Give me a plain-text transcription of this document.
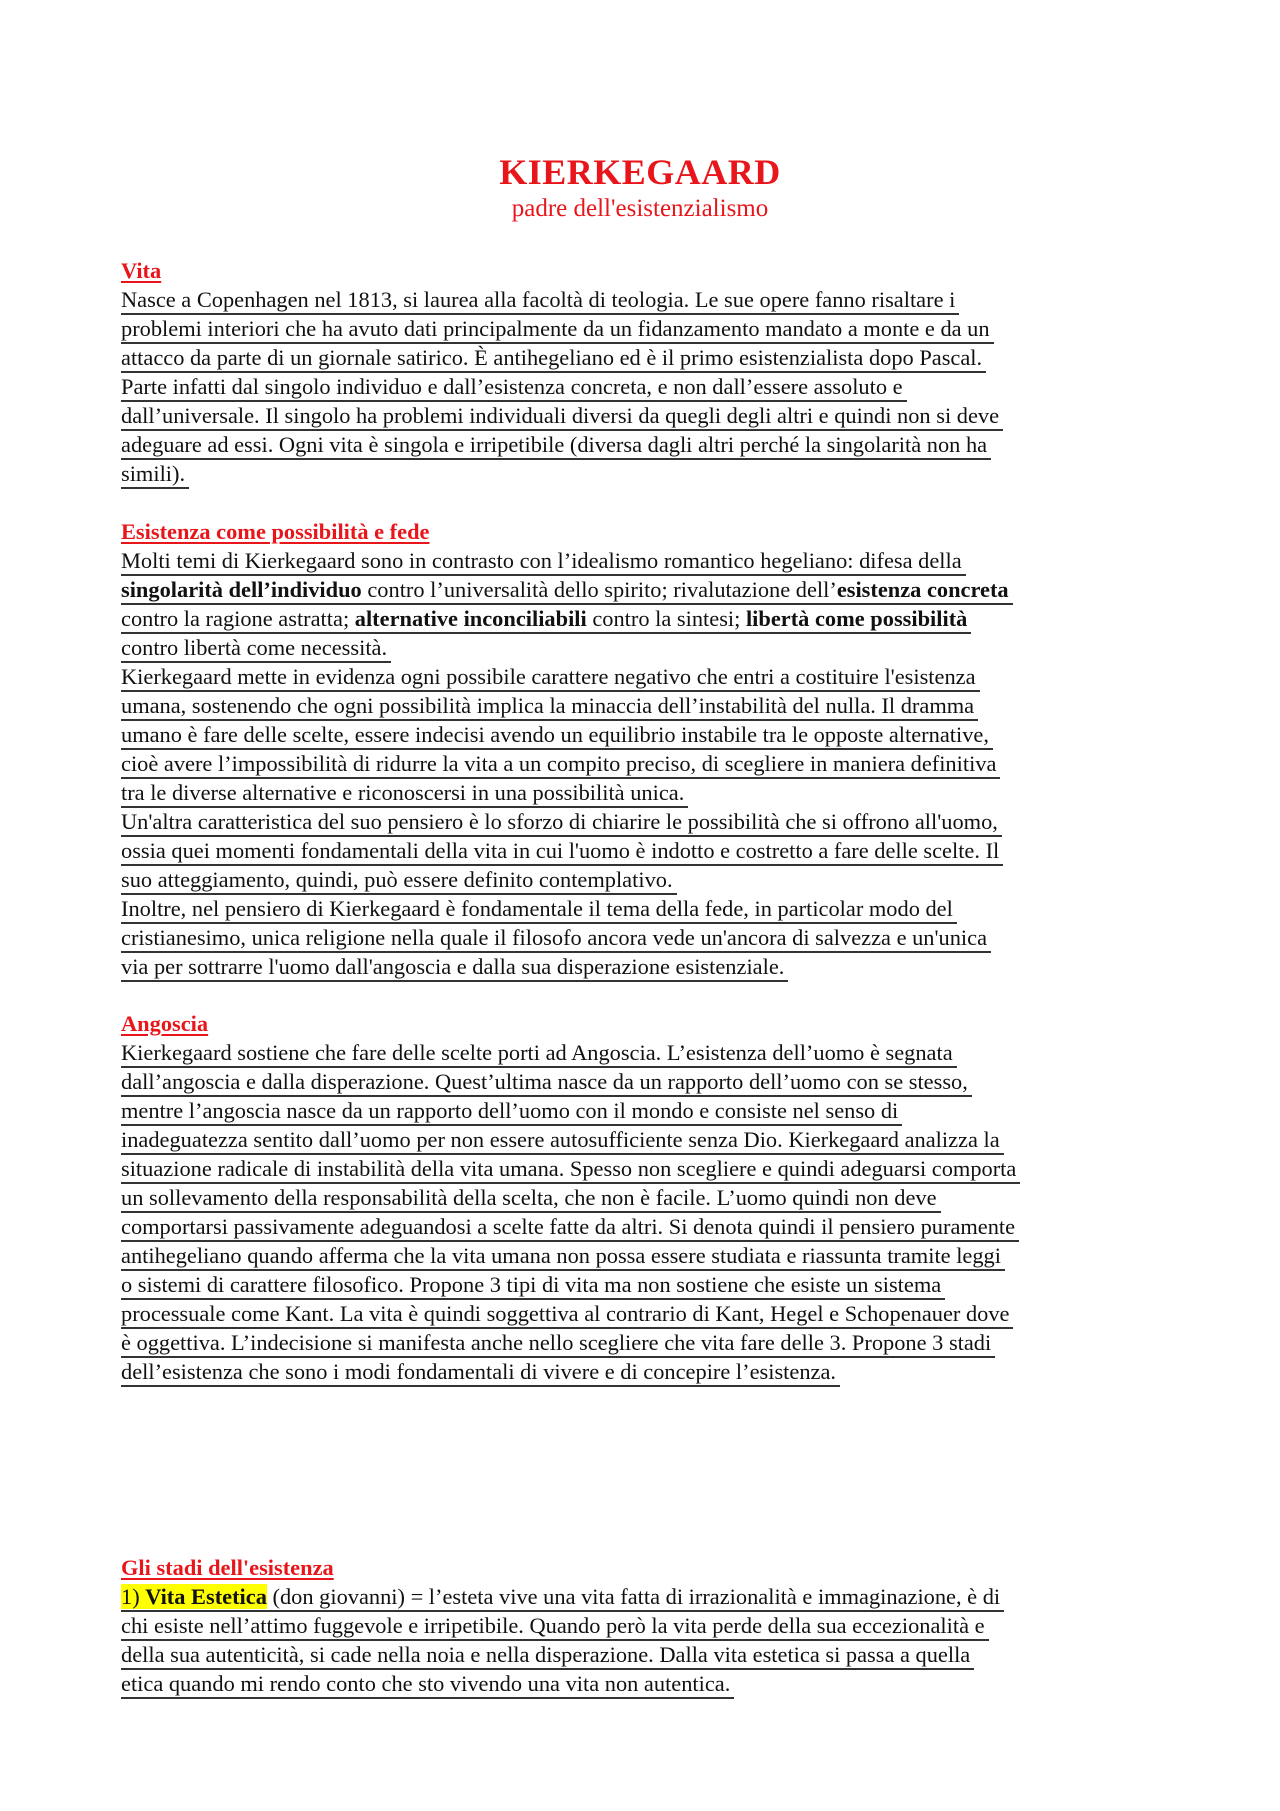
KIERKEGAARD
padre dell'esistenzialismo
Vita
Nasce a Copenhagen nel 1813, si laurea alla facoltà di teologia. Le sue opere fanno risaltare i
problemi interiori che ha avuto dati principalmente da un fidanzamento mandato a monte e da un
attacco da parte di un giornale satirico. È antihegeliano ed è il primo esistenzialista dopo Pascal.
Parte infatti dal singolo individuo e dall’esistenza concreta, e non dall’essere assoluto e
dall’universale. Il singolo ha problemi individuali diversi da quegli degli altri e quindi non si deve
adeguare ad essi. Ogni vita è singola e irripetibile (diversa dagli altri perché la singolarità non ha
simili).
Esistenza come possibilità e fede
Molti temi di Kierkegaard sono in contrasto con l’idealismo romantico hegeliano: difesa della
singolarità dell’individuo contro l’universalità dello spirito; rivalutazione dell’esistenza concreta
contro la ragione astratta; alternative inconciliabili contro la sintesi; libertà come possibilità
contro libertà come necessità.
Kierkegaard mette in evidenza ogni possibile carattere negativo che entri a costituire l'esistenza
umana, sostenendo che ogni possibilità implica la minaccia dell’instabilità del nulla. Il dramma
umano è fare delle scelte, essere indecisi avendo un equilibrio instabile tra le opposte alternative,
cioè avere l’impossibilità di ridurre la vita a un compito preciso, di scegliere in maniera definitiva
tra le diverse alternative e riconoscersi in una possibilità unica.
Un'altra caratteristica del suo pensiero è lo sforzo di chiarire le possibilità che si offrono all'uomo,
ossia quei momenti fondamentali della vita in cui l'uomo è indotto e costretto a fare delle scelte. Il
suo atteggiamento, quindi, può essere definito contemplativo.
Inoltre, nel pensiero di Kierkegaard è fondamentale il tema della fede, in particolar modo del
cristianesimo, unica religione nella quale il filosofo ancora vede un'ancora di salvezza e un'unica
via per sottrarre l'uomo dall'angoscia e dalla sua disperazione esistenziale.
Angoscia
Kierkegaard sostiene che fare delle scelte porti ad Angoscia. L’esistenza dell’uomo è segnata
dall’angoscia e dalla disperazione. Quest’ultima nasce da un rapporto dell’uomo con se stesso,
mentre l’angoscia nasce da un rapporto dell’uomo con il mondo e consiste nel senso di
inadeguatezza sentito dall’uomo per non essere autosufficiente senza Dio. Kierkegaard analizza la
situazione radicale di instabilità della vita umana. Spesso non scegliere e quindi adeguarsi comporta
un sollevamento della responsabilità della scelta, che non è facile. L’uomo quindi non deve
comportarsi passivamente adeguandosi a scelte fatte da altri. Si denota quindi il pensiero puramente
antihegeliano quando afferma che la vita umana non possa essere studiata e riassunta tramite leggi
o sistemi di carattere filosofico. Propone 3 tipi di vita ma non sostiene che esiste un sistema
processuale come Kant. La vita è quindi soggettiva al contrario di Kant, Hegel e Schopenauer dove
è oggettiva. L’indecisione si manifesta anche nello scegliere che vita fare delle 3. Propone 3 stadi
dell’esistenza che sono i modi fondamentali di vivere e di concepire l’esistenza.
Gli stadi dell'esistenza
1) Vita Estetica (don giovanni) = l’esteta vive una vita fatta di irrazionalità e immaginazione, è di
chi esiste nell’attimo fuggevole e irripetibile. Quando però la vita perde della sua eccezionalità e
della sua autenticità, si cade nella noia e nella disperazione. Dalla vita estetica si passa a quella
etica quando mi rendo conto che sto vivendo una vita non autentica.
